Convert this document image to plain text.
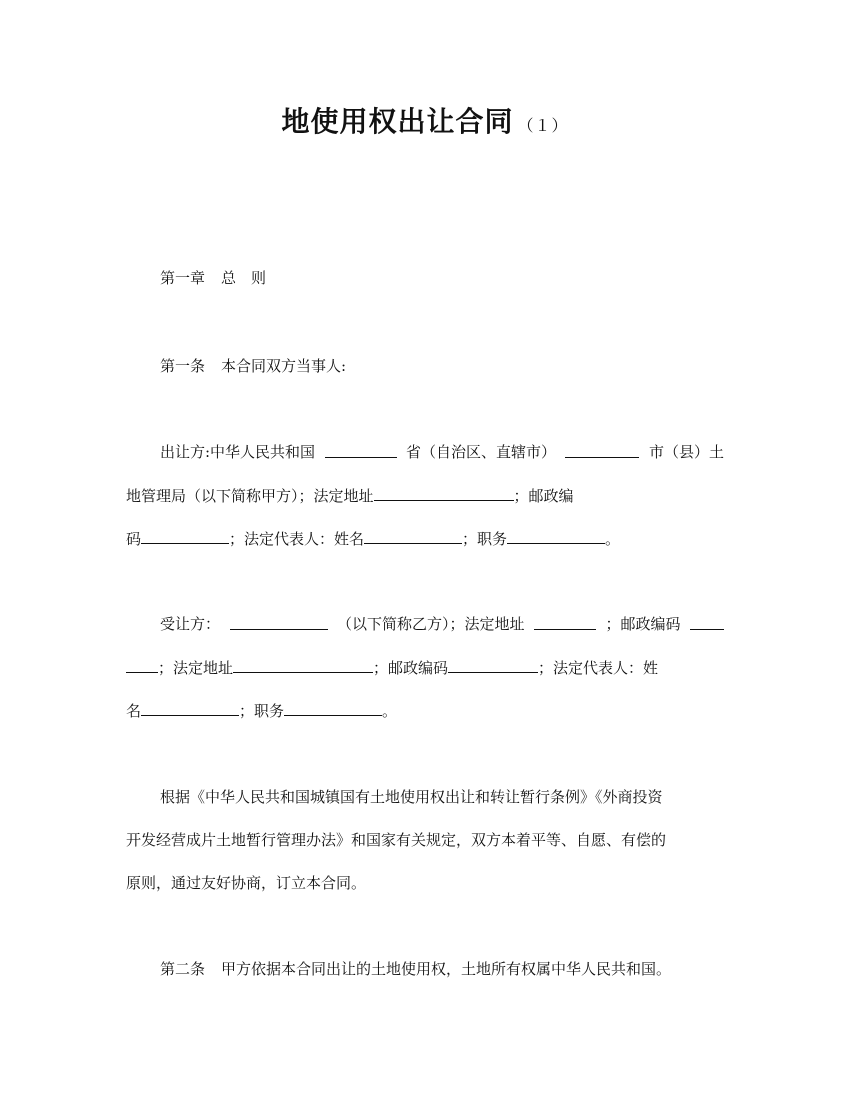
地使用权出让合同 （１）
第一章 总　则
第一条 本合同双方当事人:
出让方:中华人民共和国	省（自治区、直辖市）	市（县）土
地管理局（以下简称甲方）；法定地址	；邮政编
码	；法定代表人：姓名	；职务	。
受让方：	（以下简称乙方）；法定地址	；邮政编码
；法定地址	；邮政编码	；法定代表人：姓
名	；职务	。
根据《中华人民共和国城镇国有土地使用权出让和转让暂行条例》《外商投资
开发经营成片土地暂行管理办法》和国家有关规定，双方本着平等、自愿、有偿的
原则，通过友好协商，订立本合同。
第二条 甲方依据本合同出让的土地使用权，土地所有权属中华人民共和国。
